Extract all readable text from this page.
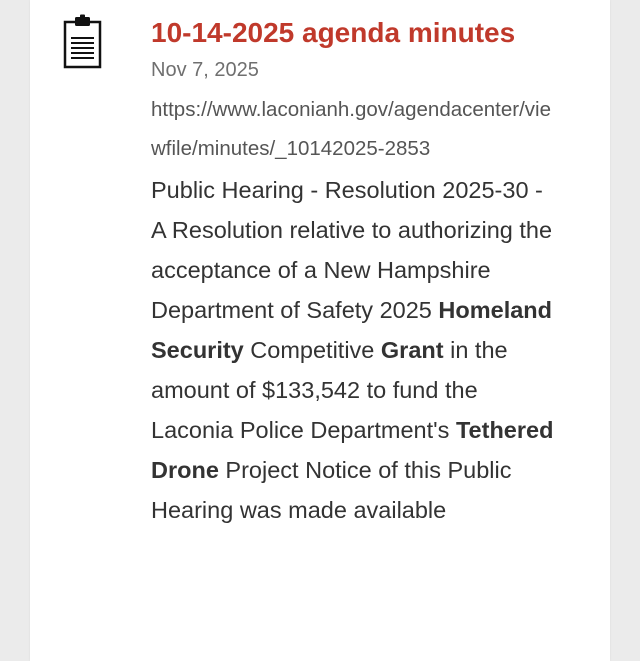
10-14-2025 agenda minutes
Nov 7, 2025
https://www.laconianh.gov/agendacenter/viewfile/minutes/_10142025-2853
Public Hearing - Resolution 2025-30 - A Resolution relative to authorizing the acceptance of a New Hampshire Department of Safety 2025 Homeland Security Competitive Grant in the amount of $133,542 to fund the Laconia Police Department's Tethered Drone Project Notice of this Public Hearing was made available
